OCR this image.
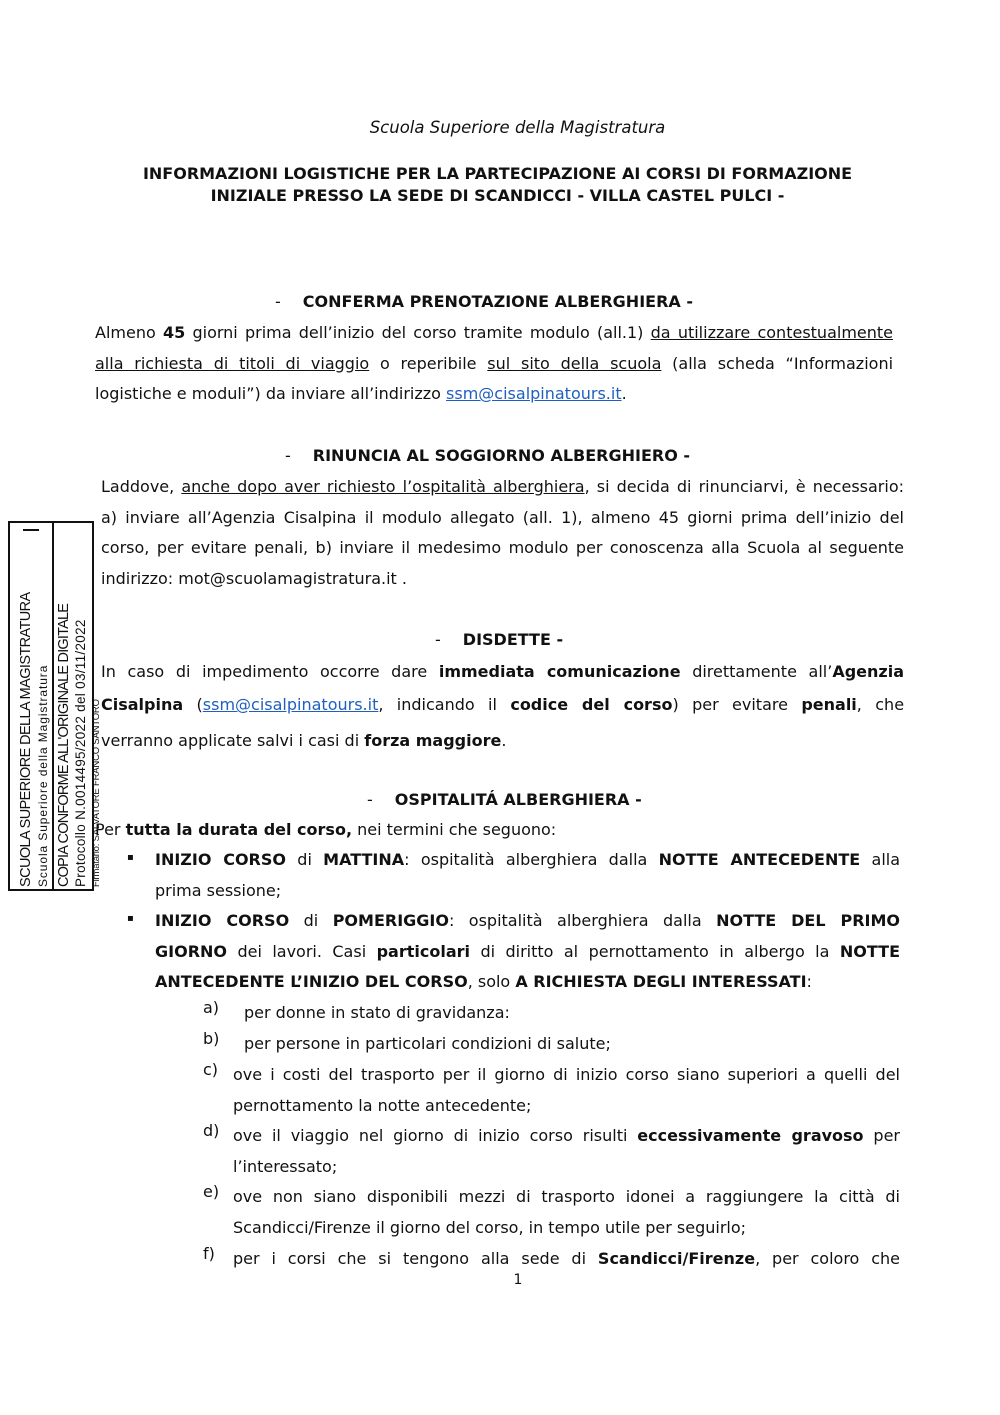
Scuola Superiore della Magistratura
INFORMAZIONI LOGISTICHE PER LA PARTECIPAZIONE AI CORSI DI FORMAZIONE
INIZIALE PRESSO LA SEDE DI SCANDICCI - VILLA CASTEL PULCI -
- CONFERMA PRENOTAZIONE ALBERGHIERA -
Almeno 45 giorni prima dell’inizio del corso tramite modulo (all.1) da utilizzare contestualmente
alla richiesta di titoli di viaggio o reperibile sul sito della scuola (alla scheda “Informazioni
logistiche e moduli”) da inviare all’indirizzo ssm@cisalpinatours.it.
- RINUNCIA AL SOGGIORNO ALBERGHIERO -
Laddove, anche dopo aver richiesto l’ospitalità alberghiera, si decida di rinunciarvi, è necessario:
a) inviare all’Agenzia Cisalpina il modulo allegato (all. 1), almeno 45 giorni prima dell’inizio del
corso, per evitare penali, b) inviare il medesimo modulo per conoscenza alla Scuola al seguente
indirizzo: mot@scuolamagistratura.it .
- DISDETTE -
In caso di impedimento occorre dare immediata comunicazione direttamente all’Agenzia
Cisalpina (ssm@cisalpinatours.it, indicando il codice del corso) per evitare penali, che
verranno applicate salvi i casi di forza maggiore.
- OSPITALITÁ ALBERGHIERA -
Per tutta la durata del corso, nei termini che seguono:
▪ INIZIO CORSO di MATTINA: ospitalità alberghiera dalla NOTTE ANTECEDENTE alla
prima sessione;
▪ INIZIO CORSO di POMERIGGIO: ospitalità alberghiera dalla NOTTE DEL PRIMO
GIORNO dei lavori. Casi particolari di diritto al pernottamento in albergo la NOTTE
ANTECEDENTE L’INIZIO DEL CORSO, solo A RICHIESTA DEGLI INTERESSATI:
a) per donne in stato di gravidanza:
b) per persone in particolari condizioni di salute;
c) ove i costi del trasporto per il giorno di inizio corso siano superiori a quelli del
pernottamento la notte antecedente;
d) ove il viaggio nel giorno di inizio corso risulti eccessivamente gravoso per
l’interessato;
e) ove non siano disponibili mezzi di trasporto idonei a raggiungere la città di
Scandicci/Firenze il giorno del corso, in tempo utile per seguirlo;
f) per i corsi che si tengono alla sede di Scandicci/Firenze, per coloro che
1
SCUOLA SUPERIORE DELLA MAGISTRATURA Scuola Superiore della Magistratura COPIA CONFORME ALL'ORIGINALE DIGITALE Protocollo N.0014495/2022 del 03/11/2022 Firmatario: SALVATORE FRANCO SANTORO
